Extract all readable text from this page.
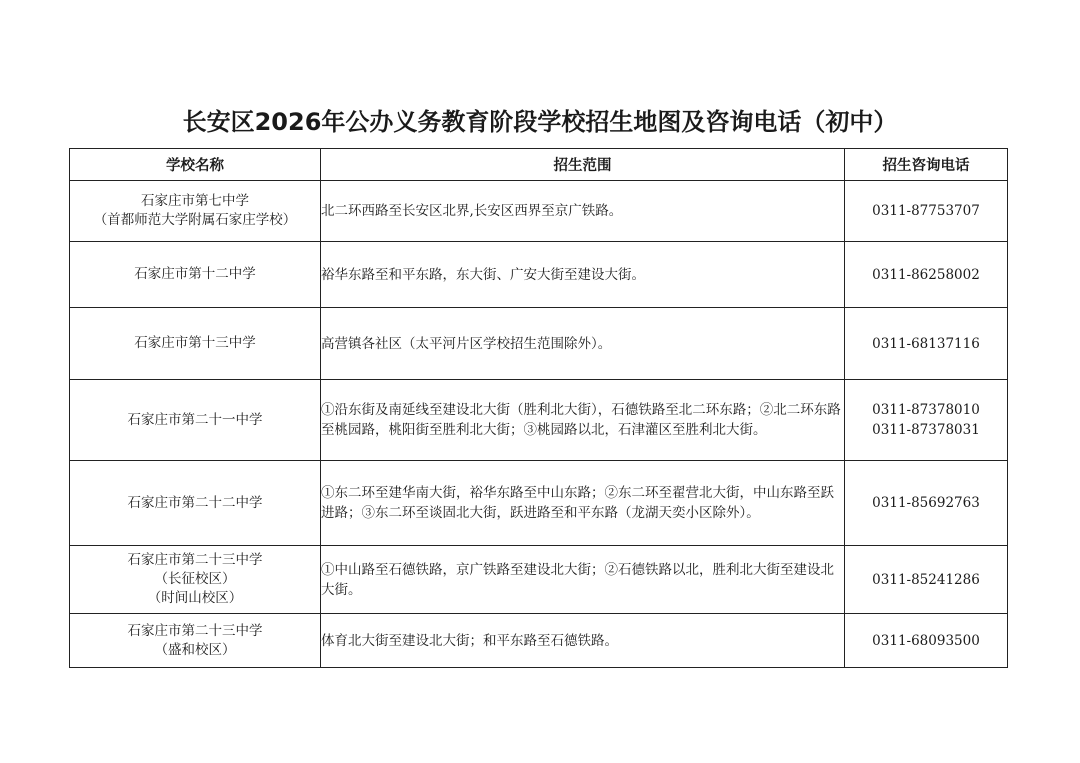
长安区2026年公办义务教育阶段学校招生地图及咨询电话（初中）
学校名称	招生范围	招生咨询电话

石家庄市第七中学
（首都师范大学附属石家庄学校）	北二环西路至长安区北界,长安区西界至京广铁路。	0311-87753707

石家庄市第十二中学	裕华东路至和平东路，东大街、广安大街至建设大街。	0311-86258002

石家庄市第十三中学	高营镇各社区（太平河片区学校招生范围除外）。	0311-68137116

石家庄市第二十一中学	①沿东街及南延线至建设北大街（胜利北大街），石德铁路至北二环东路；②北二环东路至桃园路，桃阳街至胜利北大街；③桃园路以北，石津灌区至胜利北大街。	0311-87378010
0311-87378031

石家庄市第二十二中学	①东二环至建华南大街，裕华东路至中山东路；②东二环至翟营北大街，中山东路至跃进路；③东二环至谈固北大街，跃进路至和平东路（龙湖天奕小区除外）。	0311-85692763

石家庄市第二十三中学
（长征校区）
（时间山校区）	①中山路至石德铁路，京广铁路至建设北大街；②石德铁路以北，胜利北大街至建设北大街。	0311-85241286

石家庄市第二十三中学
（盛和校区）	体育北大街至建设北大街；和平东路至石德铁路。	0311-68093500
